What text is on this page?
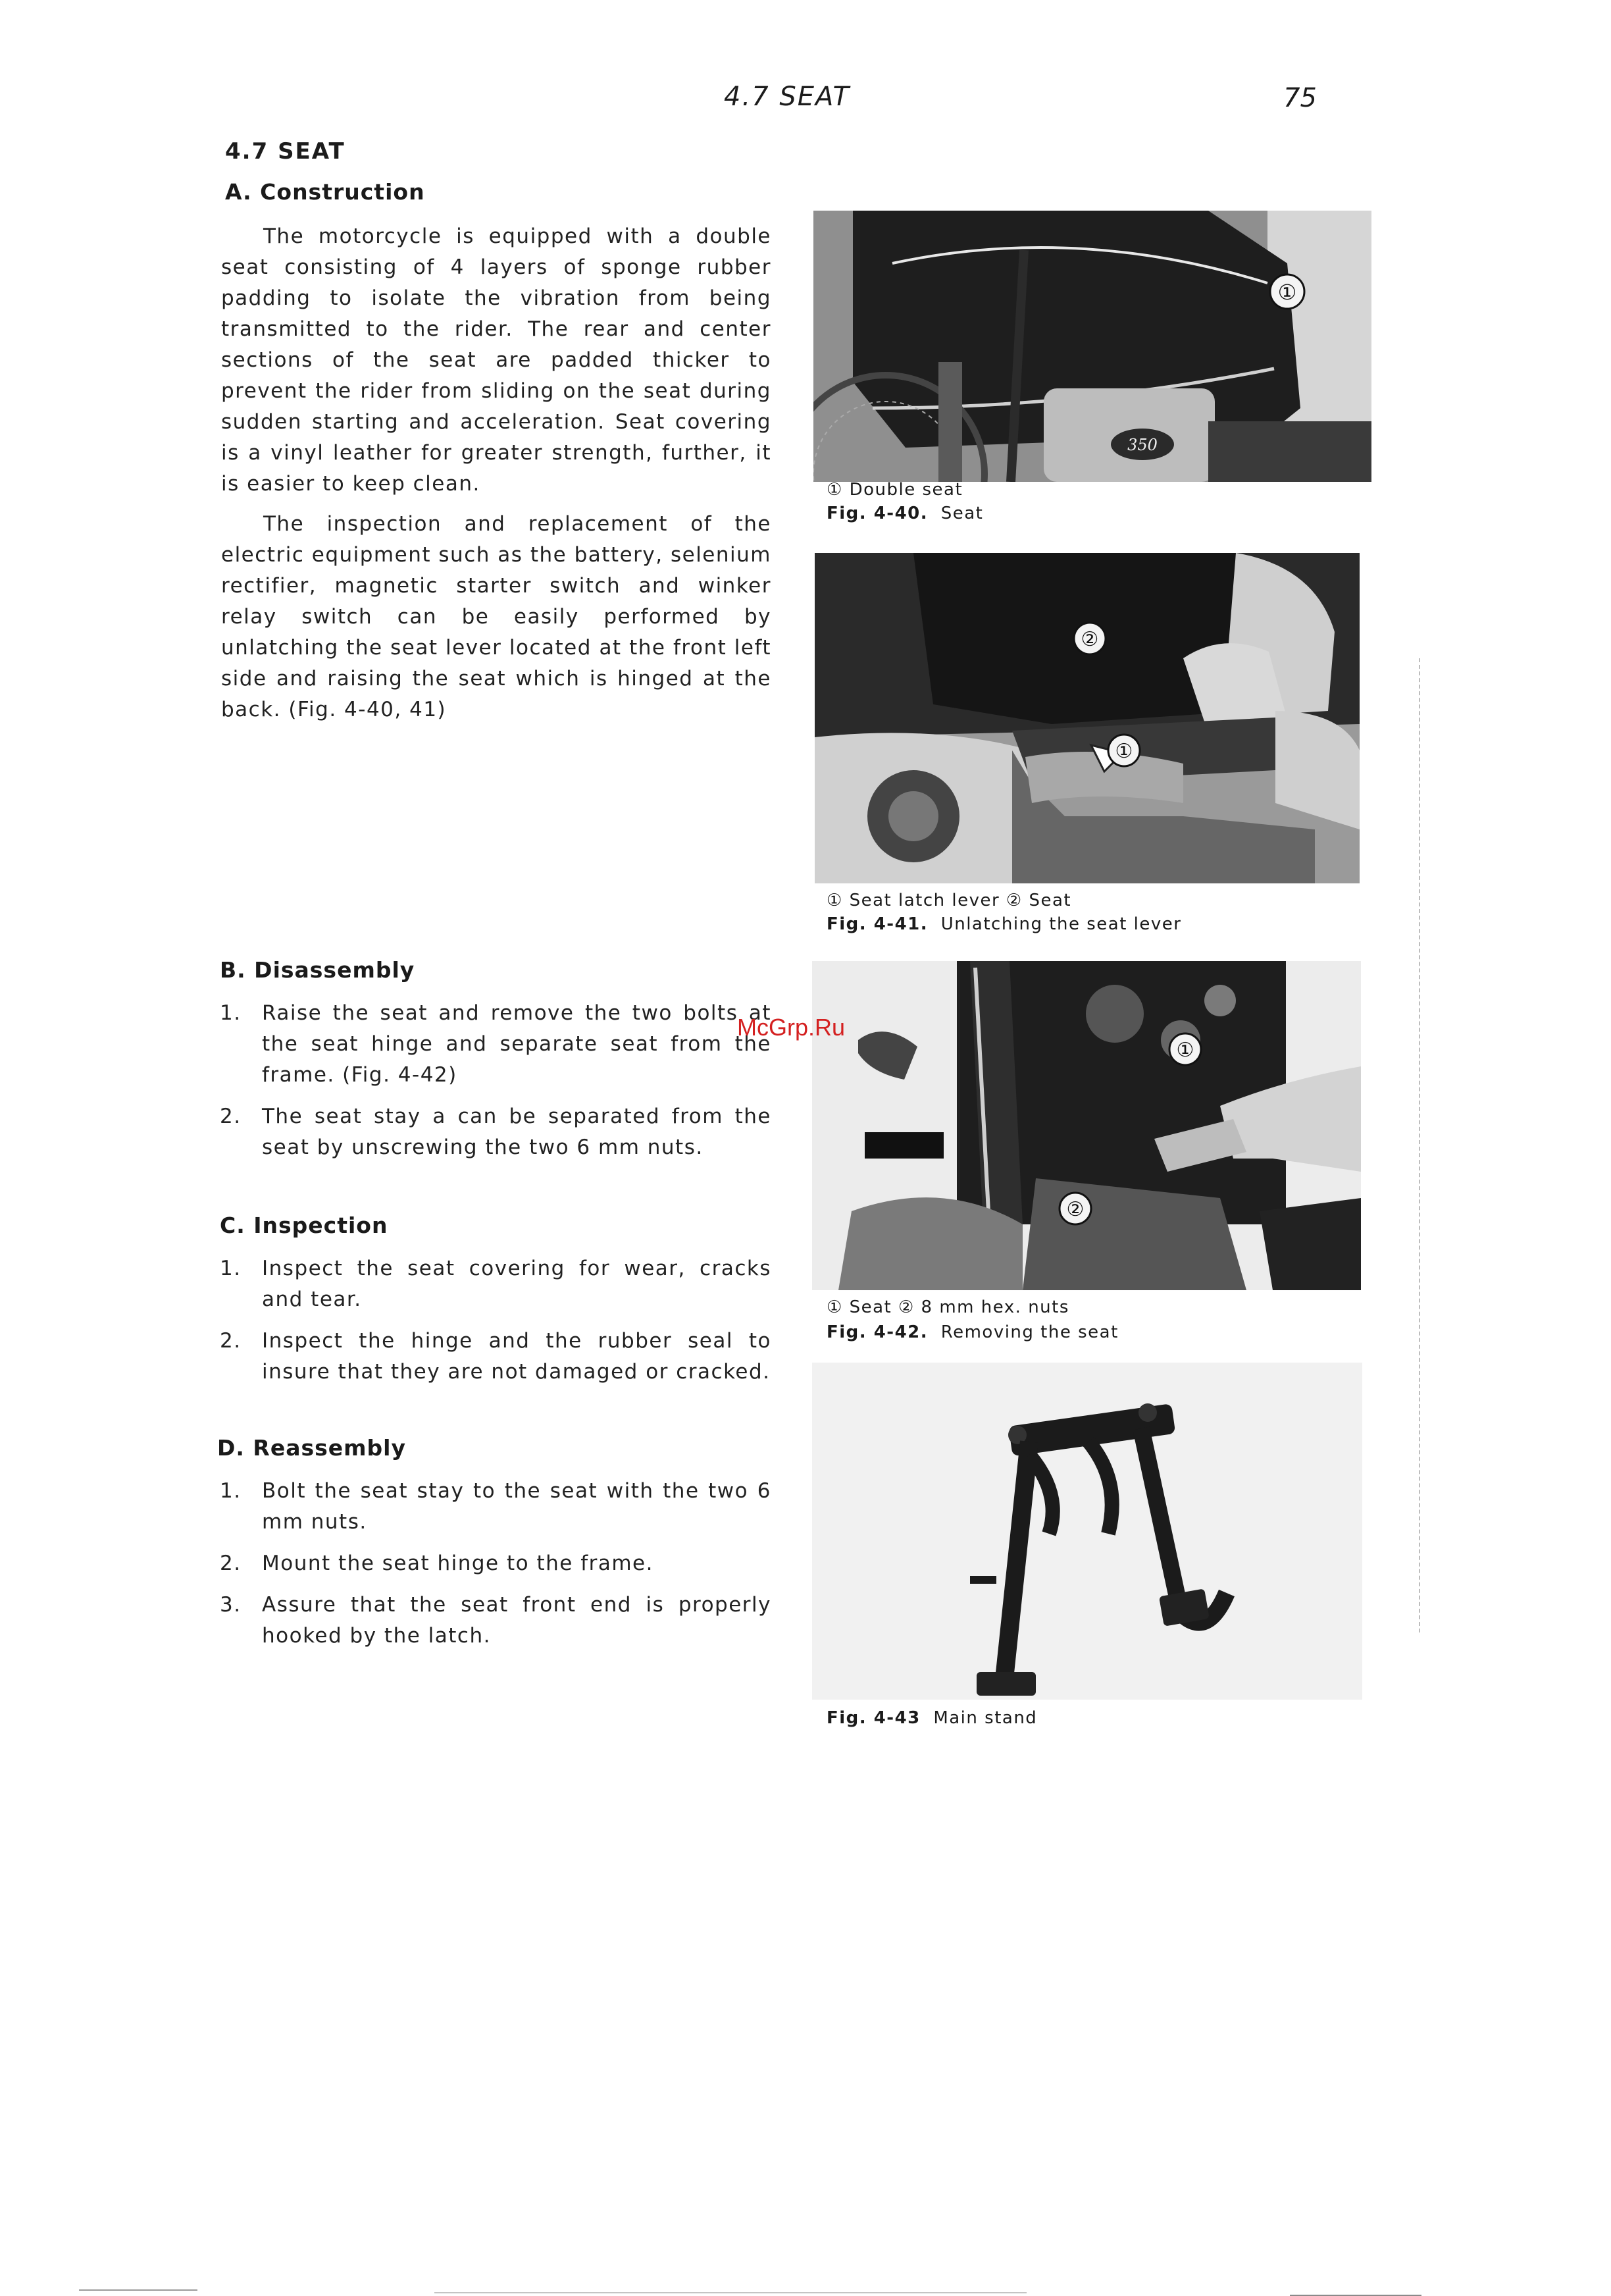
4.7 SEAT	75
4.7 SEAT
A. Construction

The motorcycle is equipped with a double seat consisting of 4 layers of sponge rubber padding to isolate the vibration from being transmitted to the rider. The rear and center sections of the seat are padded thicker to prevent the rider from sliding on the seat during sudden starting and acceleration. Seat covering is a vinyl leather for greater strength, further, it is easier to keep clean.

The inspection and replacement of the electric equipment such as the battery, selenium rectifier, magnetic starter switch and winker relay switch can be easily performed by unlatching the seat lever located at the front left side and raising the seat which is hinged at the back. (Fig. 4-40, 41)

B. Disassembly
1. Raise the seat and remove the two bolts at the seat hinge and separate seat from the frame. (Fig. 4-42)
2. The seat stay a can be separated from the seat by unscrewing the two 6 mm nuts.
C. Inspection
1. Inspect the seat covering for wear, cracks and tear.
2. Inspect the hinge and the rubber seal to insure that they are not damaged or cracked.
D. Reassembly
1. Bolt the seat stay to the seat with the two 6 mm nuts.
2. Mount the seat hinge to the frame.
3. Assure that the seat front end is properly hooked by the latch.
350
①
① Double seat
Fig. 4-40. Seat
②
①
① Seat latch lever ② Seat
Fig. 4-41. Unlatching the seat lever
①
②
① Seat ② 8 mm hex. nuts
Fig. 4-42. Removing the seat
Fig. 4-43 Main stand
McGrp.Ru
